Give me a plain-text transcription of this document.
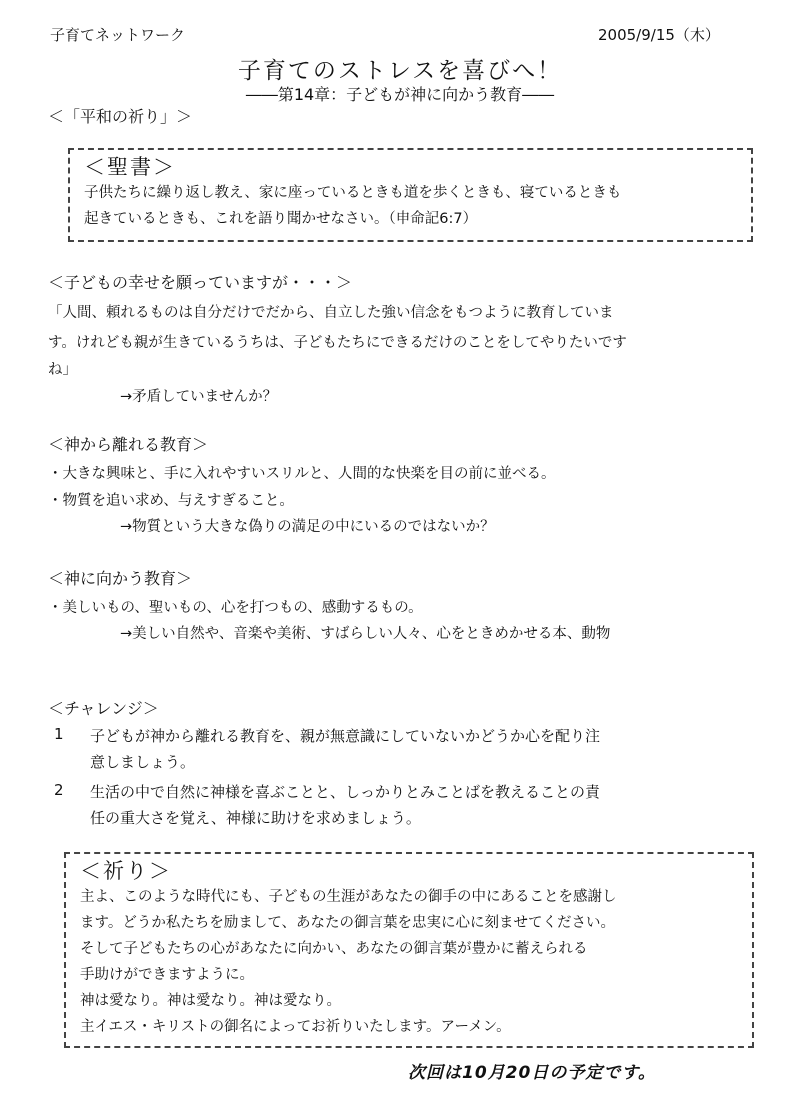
子育てネットワーク	2005/9/15（木）
子育てのストレスを喜びへ！
――第14章：子どもが神に向かう教育――
＜「平和の祈り」＞
＜聖書＞
子供たちに繰り返し教え、家に座っているときも道を歩くときも、寝ているときも
起きているときも、これを語り聞かせなさい。（申命記6:7）
＜子どもの幸せを願っていますが・・・＞
「人間、頼れるものは自分だけでだから、自立した強い信念をもつように教育していま
す。けれども親が生きているうちは、子どもたちにできるだけのことをしてやりたいです
ね」
→矛盾していませんか？
＜神から離れる教育＞
・大きな興味と、手に入れやすいスリルと、人間的な快楽を目の前に並べる。
・物質を追い求め、与えすぎること。
→物質という大きな偽りの満足の中にいるのではないか？
＜神に向かう教育＞
・美しいもの、聖いもの、心を打つもの、感動するもの。
→美しい自然や、音楽や美術、すばらしい人々、心をときめかせる本、動物
＜チャレンジ＞
1 子どもが神から離れる教育を、親が無意識にしていないかどうか心を配り注
意しましょう。
2 生活の中で自然に神様を喜ぶことと、しっかりとみことばを教えることの責
任の重大さを覚え、神様に助けを求めましょう。
＜祈り＞
主よ、このような時代にも、子どもの生涯があなたの御手の中にあることを感謝し
ます。どうか私たちを励まして、あなたの御言葉を忠実に心に刻ませてください。
そして子どもたちの心があなたに向かい、あなたの御言葉が豊かに蓄えられる
手助けができますように。
神は愛なり。神は愛なり。神は愛なり。
主イエス・キリストの御名によってお祈りいたします。アーメン。
次回は10月20日の予定です。
